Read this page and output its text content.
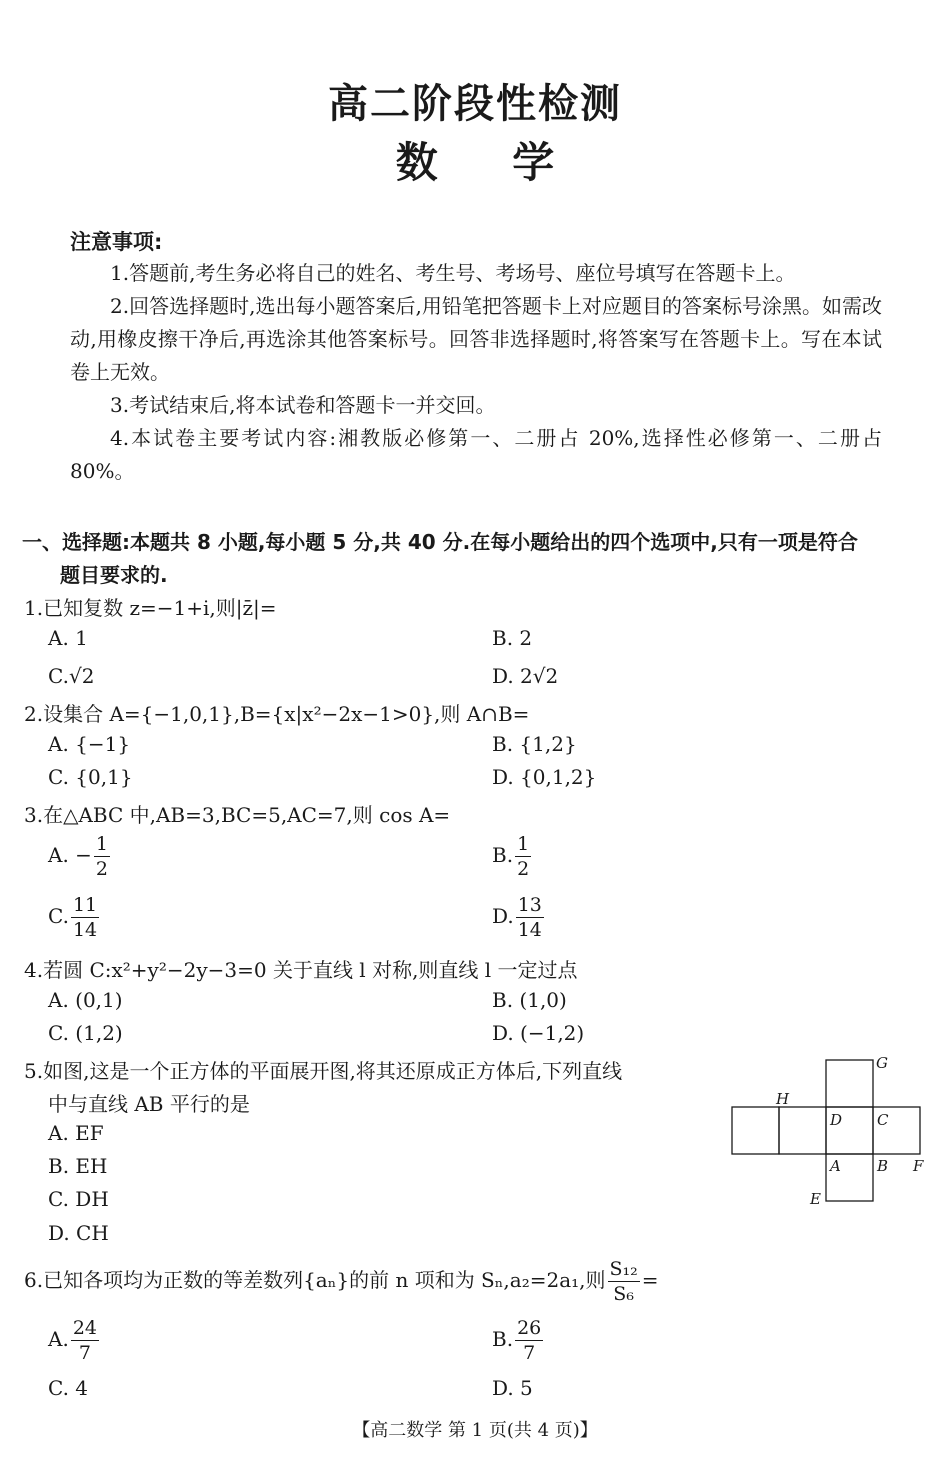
高二阶段性检测
数 学
注意事项:
1.答题前,考生务必将自己的姓名、考生号、考场号、座位号填写在答题卡上。
2.回答选择题时,选出每小题答案后,用铅笔把答题卡上对应题目的答案标号涂黑。如需改动,用橡皮擦干净后,再选涂其他答案标号。回答非选择题时,将答案写在答题卡上。写在本试卷上无效。
3.考试结束后,将本试卷和答题卡一并交回。
4.本试卷主要考试内容:湘教版必修第一、二册占 20%,选择性必修第一、二册占 80%。
一、选择题:本题共 8 小题,每小题 5 分,共 40 分.在每小题给出的四个选项中,只有一项是符合
题目要求的.
1.已知复数 z=−1+i,则|z̄|=
A. 1	B. 2
C.√2	D. 2√2
2.设集合 A={−1,0,1},B={x|x²−2x−1>0},则 A∩B=
A. {−1}	B. {1,2}
C. {0,1}	D. {0,1,2}
3.在△ABC 中,AB=3,BC=5,AC=7,则 cos A=
A. − $\frac{1}{2}$	B. $\frac{1}{2}$
C. $\frac{11}{14}$	D. $\frac{13}{14}$
4.若圆 C:x²+y²−2y−3=0 关于直线 l 对称,则直线 l 一定过点
A. (0,1)	B. (1,0)
C. (1,2)	D. (−1,2)
5.如图,这是一个正方体的平面展开图,将其还原成正方体后,下列直线
中与直线 AB 平行的是
A. EF
B. EH
C. DH
D. CH
G
H
D C
A B F
E
6.已知各项均为正数的等差数列{aₙ}的前 n 项和为 Sₙ,a₂=2a₁,则 $\frac{\text{S₁₂}}{\text{S₆}}$ =
A. $\frac{24}{7}$	B. $\frac{26}{7}$
C. 4	D. 5
【高二数学 第 1 页(共 4 页)】
